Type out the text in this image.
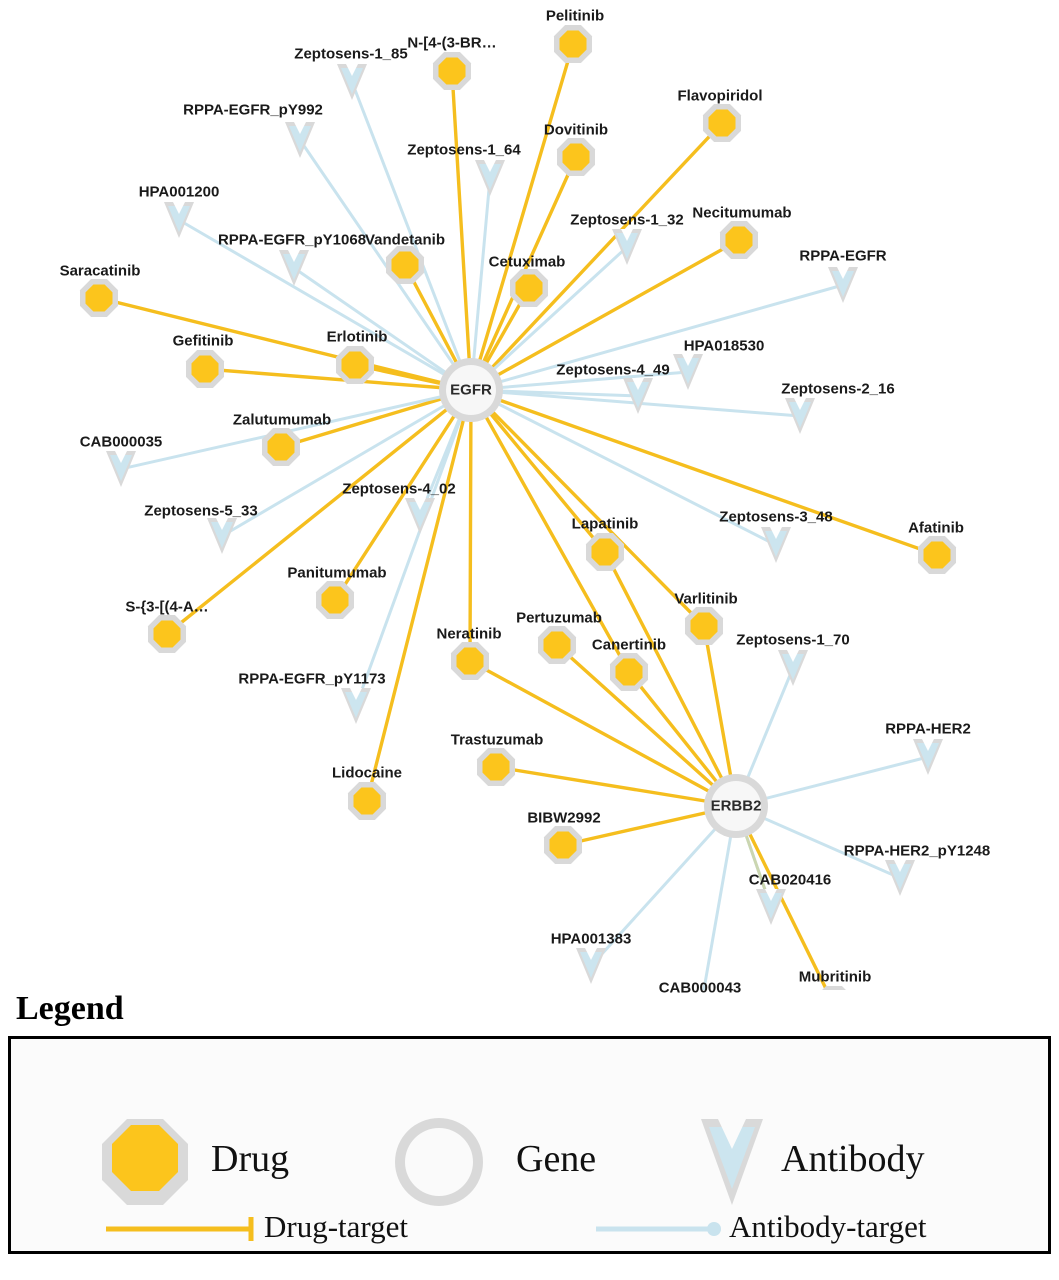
Pelitinib
N-[4-(3-BR…
Flavopiridol
Dovitinib
Necitumumab
Vandetanib
Cetuximab
Saracatinib
Gefitinib	Erlotinib
Zalutumumab
Afatinib
Lapatinib
Varlitinib
Panitumumab
S-{3-[(4-A…
Pertuzumab
Neratinib
Canertinib
Trastuzumab
Lidocaine
BIBW2992
Mubritinib
Zeptosens-1_85
RPPA-EGFR_pY992
Zeptosens-1_64
HPA001200
Zeptosens-1_32
RPPA-EGFR_pY1068
RPPA-EGFR
HPA018530
Zeptosens-4_49
Zeptosens-2_16
CAB000035
Zeptosens-5_33
Zeptosens-4_02
Zeptosens-3_48
Zeptosens-1_70
RPPA-EGFR_pY1173
RPPA-HER2
RPPA-HER2_pY1248
CAB020416
HPA001383
CAB000043
EGFR
ERBB2
Legend
Drug	Gene	Antibody
Drug-target	Antibody-target
